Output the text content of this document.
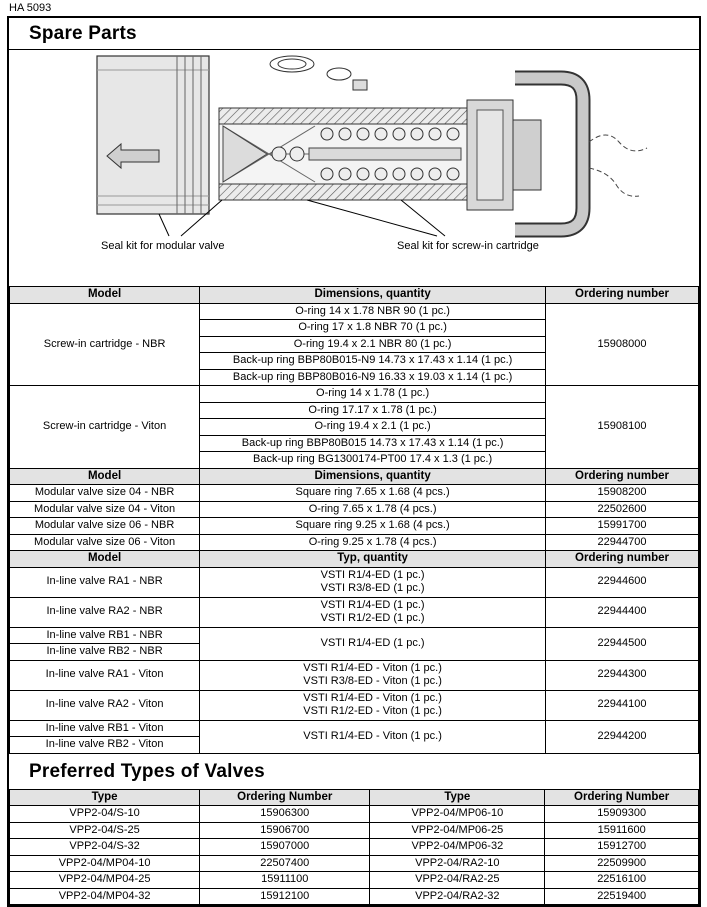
HA 5093
Spare Parts
Seal kit for modular valve	Seal kit for screw-in cartridge
Model	Dimensions, quantity	Ordering number
Screw-in cartridge - NBR	O-ring 14 x 1.78 NBR 90 (1 pc.)	15908000
	O-ring 17 x 1.8 NBR 70 (1 pc.)	
	O-ring 19.4 x 2.1 NBR 80 (1 pc.)	
	Back-up ring BBP80B015-N9 14.73 x 17.43 x 1.14 (1 pc.)	
	Back-up ring BBP80B016-N9 16.33 x 19.03 x 1.14 (1 pc.)	
Screw-in cartridge - Viton	O-ring 14 x 1.78 (1 pc.)	15908100
	O-ring 17.17 x 1.78 (1 pc.)	
	O-ring 19.4 x 2.1 (1 pc.)	
	Back-up ring BBP80B015 14.73 x 17.43 x 1.14 (1 pc.)	
	Back-up ring BG1300174-PT00 17.4 x 1.3 (1 pc.)	
Model	Dimensions, quantity	Ordering number
Modular valve size 04 - NBR	Square ring 7.65 x 1.68 (4 pcs.)	15908200
Modular valve size 04 - Viton	O-ring 7.65 x 1.78 (4 pcs.)	22502600
Modular valve size 06 - NBR	Square ring 9.25 x 1.68 (4 pcs.)	15991700
Modular valve size 06 - Viton	O-ring 9.25 x 1.78 (4 pcs.)	22944700
Model	Typ, quantity	Ordering number
In-line valve RA1 - NBR	VSTI R1/4-ED (1 pc.)
VSTI R3/8-ED (1 pc.)	22944600
In-line valve RA2 - NBR	VSTI R1/4-ED (1 pc.)
VSTI R1/2-ED (1 pc.)	22944400
In-line valve RB1 - NBR	VSTI R1/4-ED (1 pc.)	22944500
In-line valve RB2 - NBR		
In-line valve RA1 - Viton	VSTI R1/4-ED - Viton (1 pc.)
VSTI R3/8-ED - Viton (1 pc.)	22944300
In-line valve RA2 - Viton	VSTI R1/4-ED - Viton (1 pc.)
VSTI R1/2-ED - Viton (1 pc.)	22944100
In-line valve RB1 - Viton	VSTI R1/4-ED - Viton (1 pc.)	22944200
In-line valve RB2 - Viton		
Preferred Types of Valves
Type	Ordering Number	Type	Ordering Number
VPP2-04/S-10	15906300	VPP2-04/MP06-10	15909300
VPP2-04/S-25	15906700	VPP2-04/MP06-25	15911600
VPP2-04/S-32	15907000	VPP2-04/MP06-32	15912700
VPP2-04/MP04-10	22507400	VPP2-04/RA2-10	22509900
VPP2-04/MP04-25	15911100	VPP2-04/RA2-25	22516100
VPP2-04/MP04-32	15912100	VPP2-04/RA2-32	22519400
